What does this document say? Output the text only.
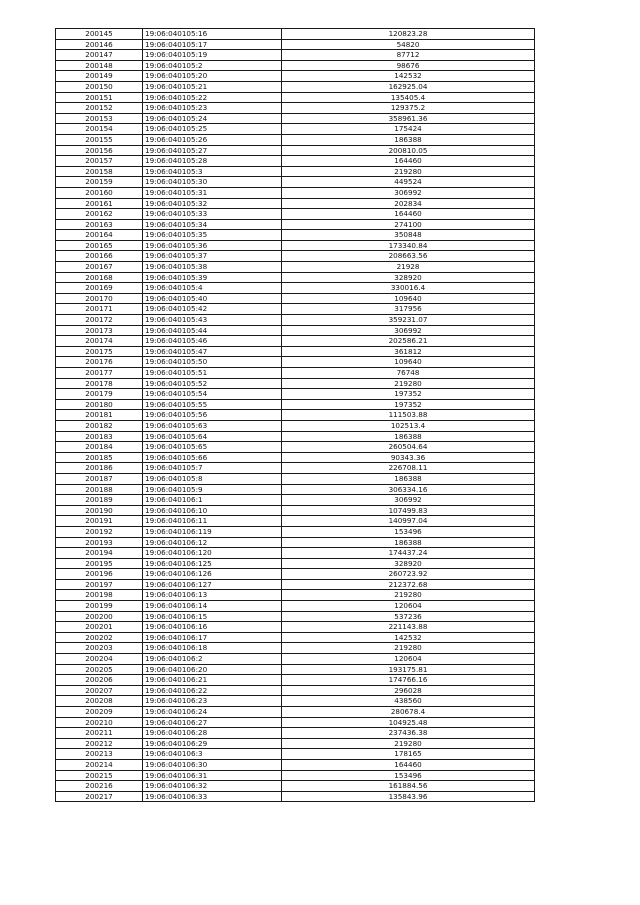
200145	19:06:040105:16	120823.28
200146	19:06:040105:17	54820
200147	19:06:040105:19	87712
200148	19:06:040105:2	98676
200149	19:06:040105:20	142532
200150	19:06:040105:21	162925.04
200151	19:06:040105:22	135405.4
200152	19:06:040105:23	129375.2
200153	19:06:040105:24	358961.36
200154	19:06:040105:25	175424
200155	19:06:040105:26	186388
200156	19:06:040105:27	200810.05
200157	19:06:040105:28	164460
200158	19:06:040105:3	219280
200159	19:06:040105:30	449524
200160	19:06:040105:31	306992
200161	19:06:040105:32	202834
200162	19:06:040105:33	164460
200163	19:06:040105:34	274100
200164	19:06:040105:35	350848
200165	19:06:040105:36	173340.84
200166	19:06:040105:37	208663.56
200167	19:06:040105:38	21928
200168	19:06:040105:39	328920
200169	19:06:040105:4	330016.4
200170	19:06:040105:40	109640
200171	19:06:040105:42	317956
200172	19:06:040105:43	359231.07
200173	19:06:040105:44	306992
200174	19:06:040105:46	202586.21
200175	19:06:040105:47	361812
200176	19:06:040105:50	109640
200177	19:06:040105:51	76748
200178	19:06:040105:52	219280
200179	19:06:040105:54	197352
200180	19:06:040105:55	197352
200181	19:06:040105:56	111503.88
200182	19:06:040105:63	102513.4
200183	19:06:040105:64	186388
200184	19:06:040105:65	260504.64
200185	19:06:040105:66	90343.36
200186	19:06:040105:7	226708.11
200187	19:06:040105:8	186388
200188	19:06:040105:9	306334.16
200189	19:06:040106:1	306992
200190	19:06:040106:10	107499.83
200191	19:06:040106:11	140997.04
200192	19:06:040106:119	153496
200193	19:06:040106:12	186388
200194	19:06:040106:120	174437.24
200195	19:06:040106:125	328920
200196	19:06:040106:126	260723.92
200197	19:06:040106:127	212372.68
200198	19:06:040106:13	219280
200199	19:06:040106:14	120604
200200	19:06:040106:15	537236
200201	19:06:040106:16	221143.88
200202	19:06:040106:17	142532
200203	19:06:040106:18	219280
200204	19:06:040106:2	120604
200205	19:06:040106:20	193175.81
200206	19:06:040106:21	174766.16
200207	19:06:040106:22	296028
200208	19:06:040106:23	438560
200209	19:06:040106:24	280678.4
200210	19:06:040106:27	104925.48
200211	19:06:040106:28	237436.38
200212	19:06:040106:29	219280
200213	19:06:040106:3	178165
200214	19:06:040106:30	164460
200215	19:06:040106:31	153496
200216	19:06:040106:32	161884.56
200217	19:06:040106:33	135843.96
